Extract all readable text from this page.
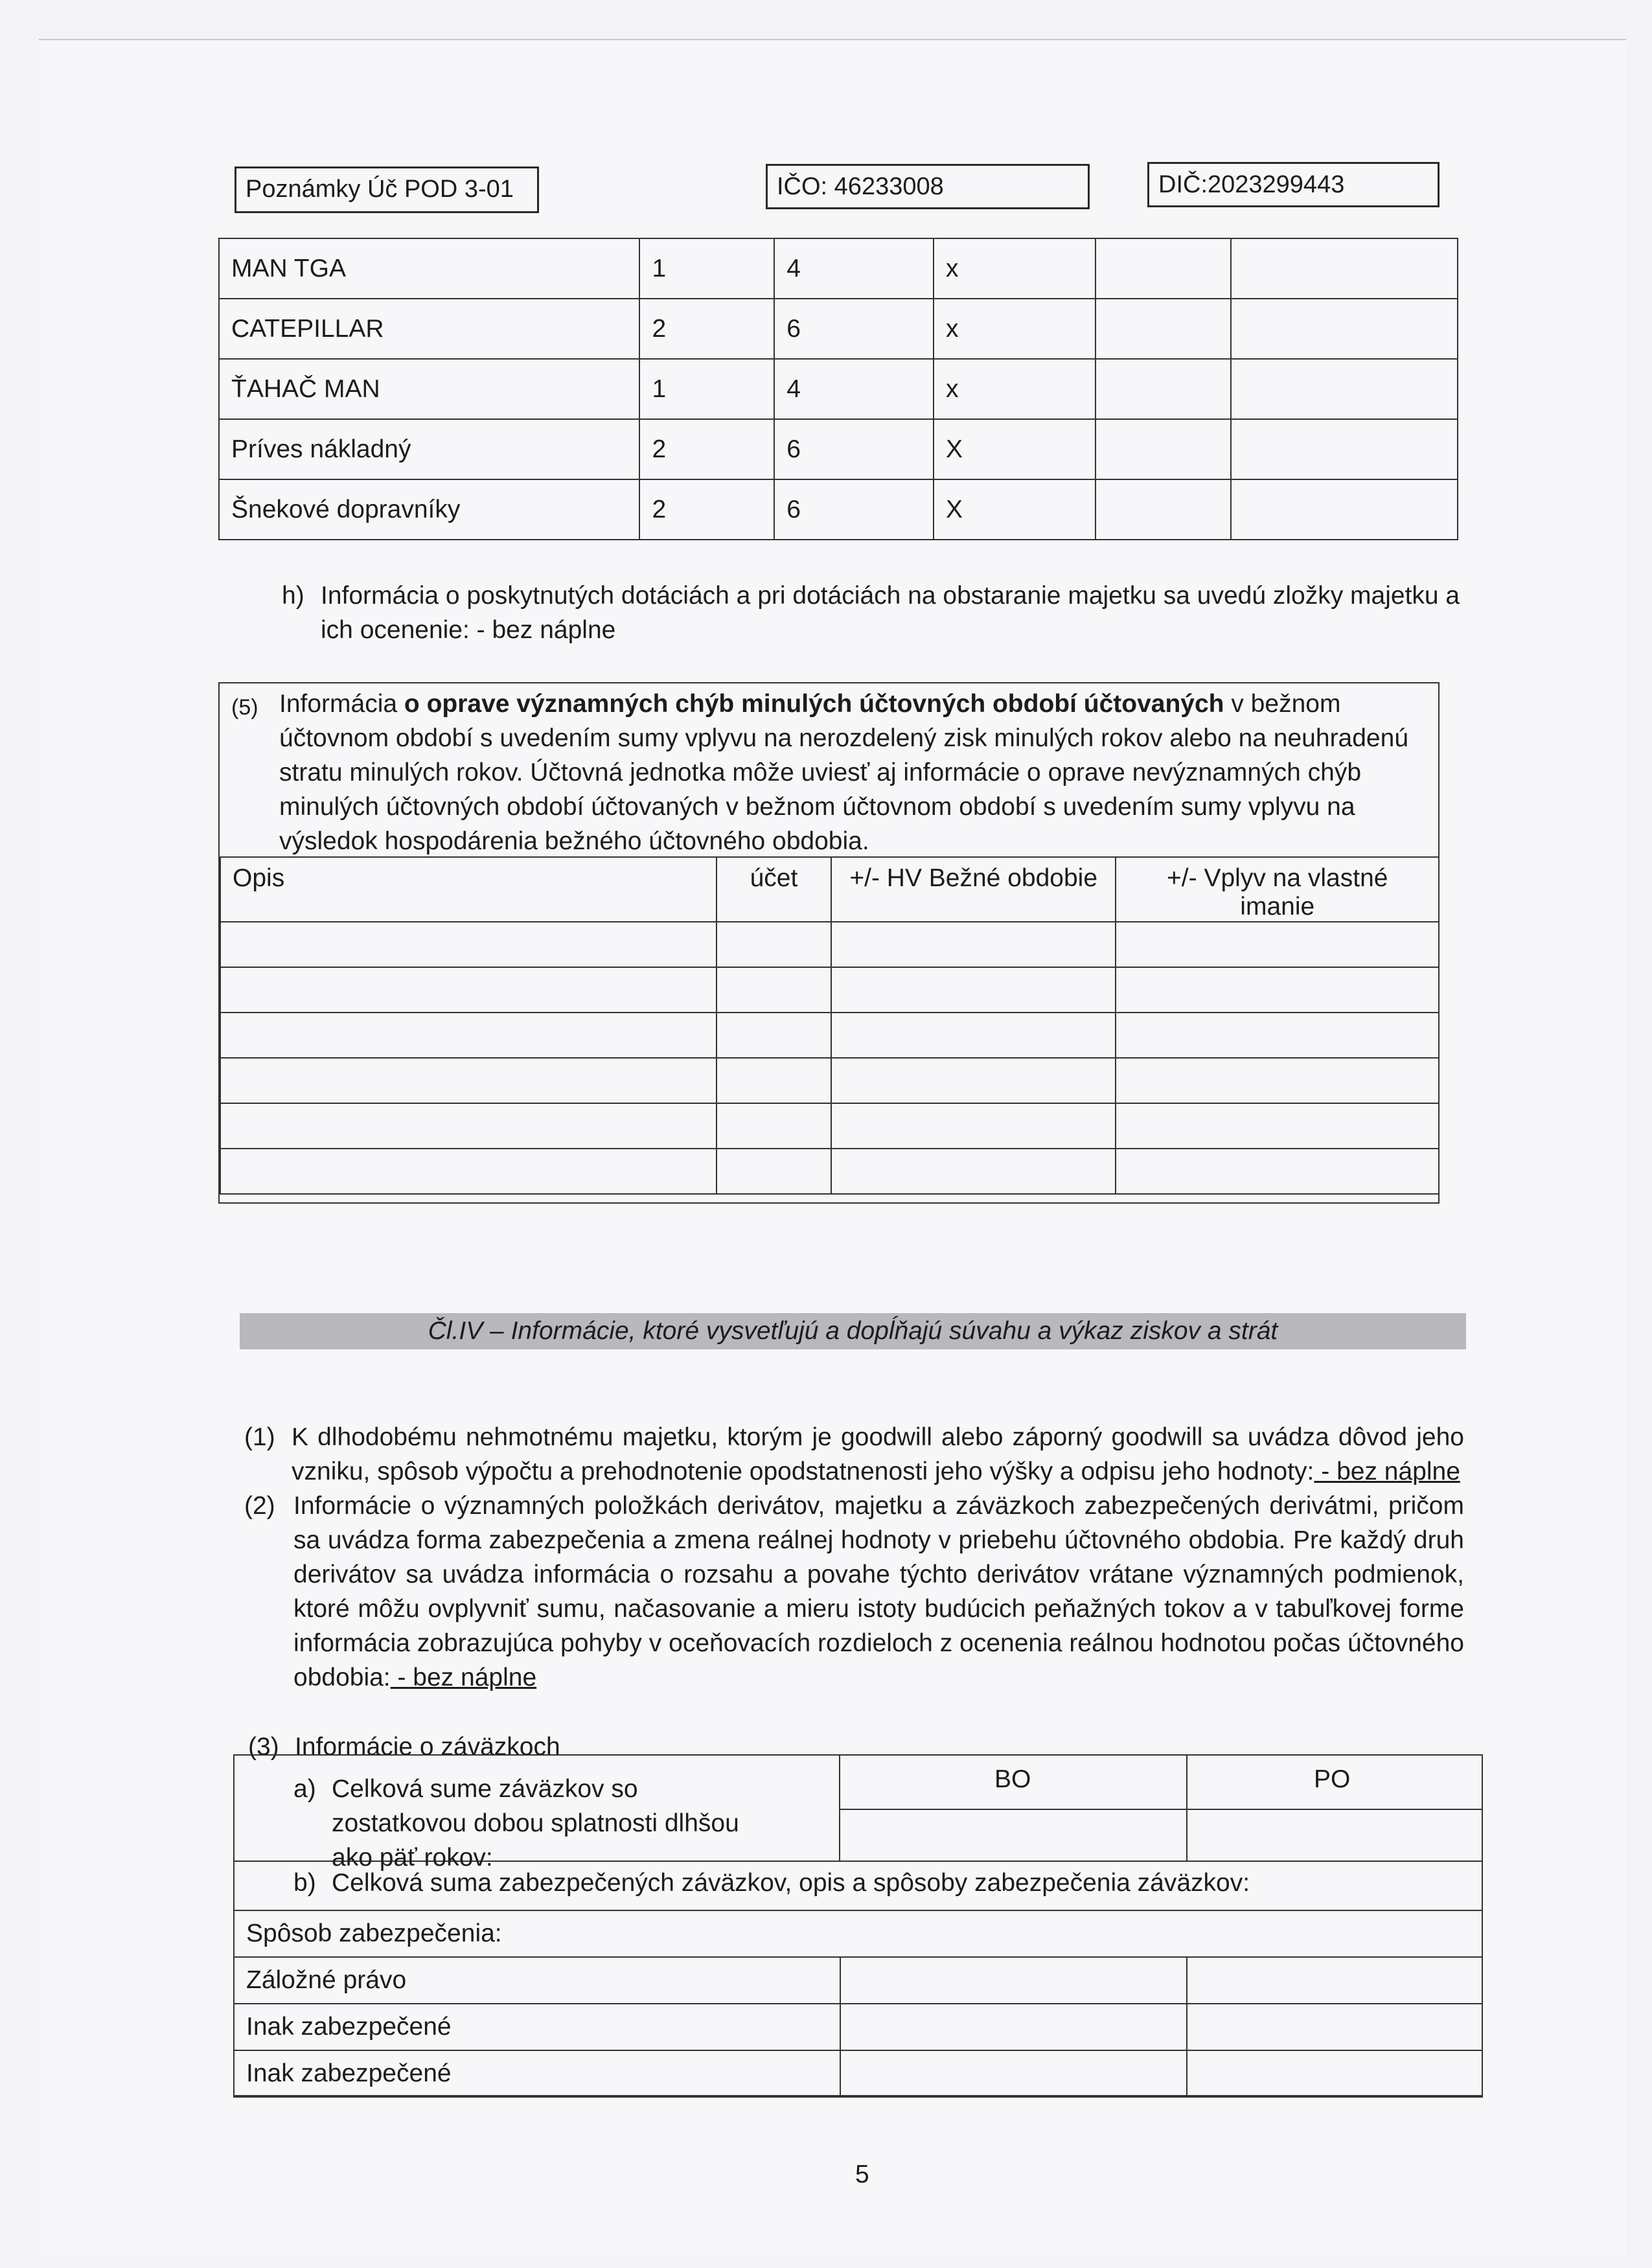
Poznámky Úč POD 3-01	IČO: 46233008	DIČ:2023299443
MAN TGA	1	4	x		
CATEPILLAR	2	6	x		
ŤAHAČ MAN	1	4	x		
Príves nákladný	2	6	X		
Šnekové dopravníky	2	6	X		
h) Informácia o poskytnutých dotáciách a pri dotáciách na obstaranie majetku sa uvedú zložky majetku a ich ocenenie: - bez náplne
(5) Informácia o oprave významných chýb minulých účtovných období účtovaných v bežnom účtovnom období s uvedením sumy vplyvu na nerozdelený zisk minulých rokov alebo na neuhradenú stratu minulých rokov. Účtovná jednotka môže uviesť aj informácie o oprave nevýznamných chýb minulých účtovných období účtovaných v bežnom účtovnom období s uvedením sumy vplyvu na výsledok hospodárenia bežného účtovného obdobia.
Opis	účet	+/- HV Bežné obdobie	+/- Vplyv na vlastné imanie

Čl.IV – Informácie, ktoré vysvetľujú a dopĺňajú súvahu a výkaz ziskov a strát
(1) K dlhodobému nehmotnému majetku, ktorým je goodwill alebo záporný goodwill sa uvádza dôvod jeho vzniku, spôsob výpočtu a prehodnotenie opodstatnenosti jeho výšky a odpisu jeho hodnoty: - bez náplne
(2) Informácie o významných položkách derivátov, majetku a záväzkoch zabezpečených derivátmi, pričom sa uvádza forma zabezpečenia a zmena reálnej hodnoty v priebehu účtovného obdobia. Pre každý druh derivátov sa uvádza informácia o rozsahu a povahe týchto derivátov vrátane významných podmienok, ktoré môžu ovplyvniť sumu, načasovanie a mieru istoty budúcich peňažných tokov a v tabuľkovej forme informácia zobrazujúca pohyby v oceňovacích rozdieloch z ocenenia reálnou hodnotou počas účtovného obdobia: - bez náplne
(3) Informácie o záväzkoch
a) Celková sume záväzkov so zostatkovou dobou splatnosti dlhšou ako päť rokov:
BO	PO
b) Celková suma zabezpečených záväzkov, opis a spôsoby zabezpečenia záväzkov:
Spôsob zabezpečenia:		
Záložné právo		
Inak zabezpečené		
Inak zabezpečené		
5
